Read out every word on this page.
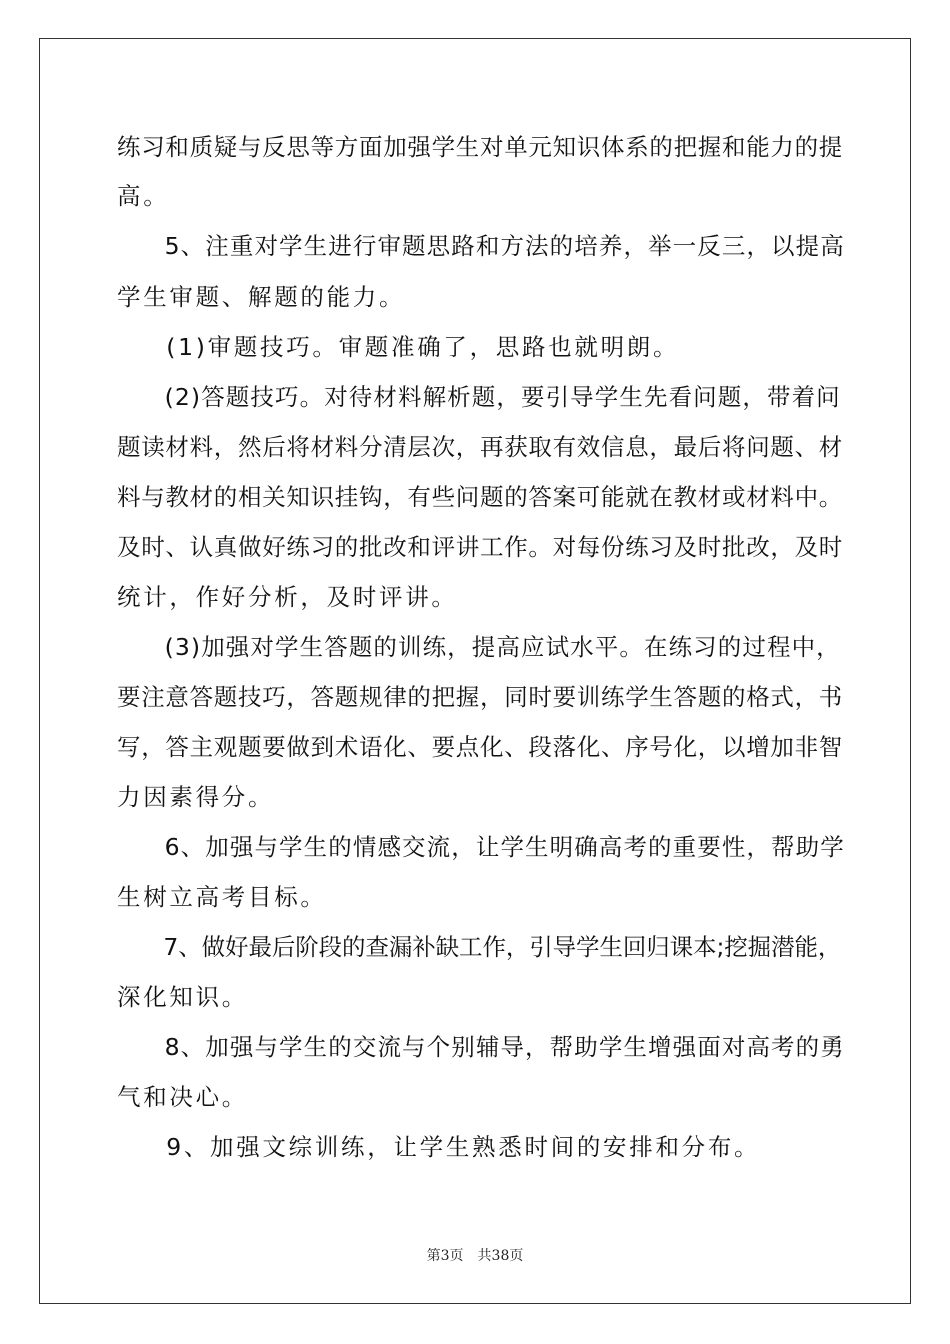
练习和质疑与反思等方面加强学生对单元知识体系的把握和能力的提

高。

　5、注重对学生进行审题思路和方法的培养，举一反三，以提高

学生审题、解题的能力。

　(1)审题技巧。审题准确了，思路也就明朗。

　(2)答题技巧。对待材料解析题，要引导学生先看问题，带着问

题读材料，然后将材料分清层次，再获取有效信息，最后将问题、材

料与教材的相关知识挂钩，有些问题的答案可能就在教材或材料中。

及时、认真做好练习的批改和评讲工作。对每份练习及时批改，及时

统计，作好分析，及时评讲。

　(3)加强对学生答题的训练，提高应试水平。在练习的过程中，

要注意答题技巧，答题规律的把握，同时要训练学生答题的格式，书

写，答主观题要做到术语化、要点化、段落化、序号化，以增加非智

力因素得分。

　6、加强与学生的情感交流，让学生明确高考的重要性，帮助学

生树立高考目标。

　7、做好最后阶段的查漏补缺工作，引导学生回归课本;挖掘潜能，

深化知识。

　8、加强与学生的交流与个别辅导，帮助学生增强面对高考的勇

气和决心。

　9、加强文综训练，让学生熟悉时间的安排和分布。

第3页　共38页
